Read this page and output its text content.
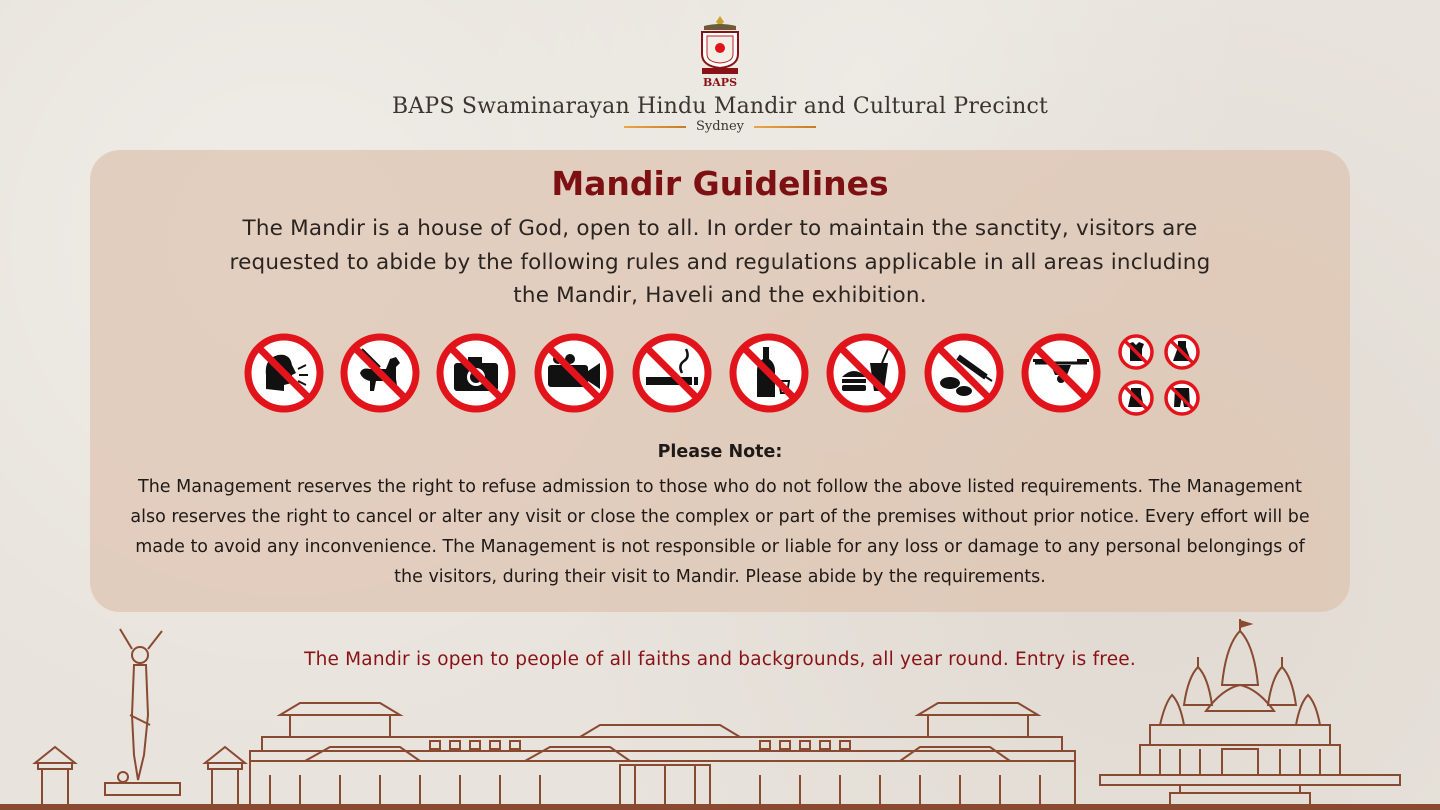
BAPS
BAPS Swaminarayan Hindu Mandir and Cultural Precinct
Sydney
Mandir Guidelines
The Mandir is a house of God, open to all. In order to maintain the sanctity, visitors are requested to abide by the following rules and regulations applicable in all areas including the Mandir, Haveli and the exhibition.
Please Note:
The Management reserves the right to refuse admission to those who do not follow the above listed requirements. The Management also reserves the right to cancel or alter any visit or close the complex or part of the premises without prior notice. Every effort will be made to avoid any inconvenience. The Management is not responsible or liable for any loss or damage to any personal belongings of the visitors, during their visit to Mandir. Please abide by the requirements.
The Mandir is open to people of all faiths and backgrounds, all year round. Entry is free.
